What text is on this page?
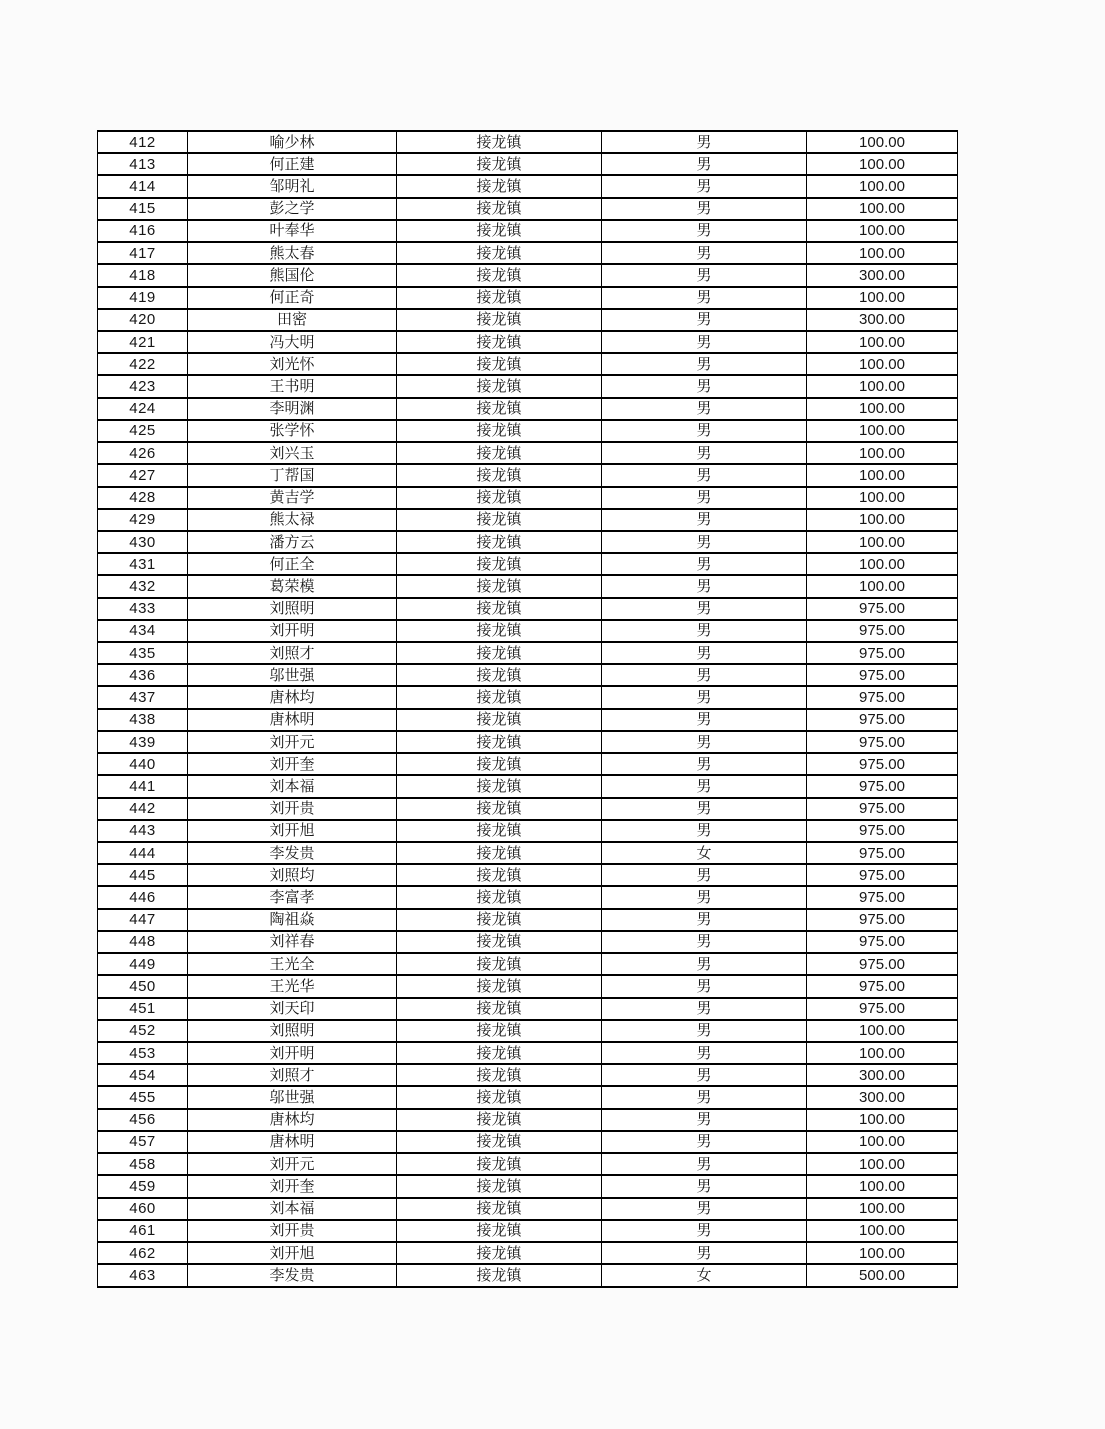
412	喻少林	接龙镇	男	100.00
413	何正建	接龙镇	男	100.00
414	邹明礼	接龙镇	男	100.00
415	彭之学	接龙镇	男	100.00
416	叶奉华	接龙镇	男	100.00
417	熊太春	接龙镇	男	100.00
418	熊国伦	接龙镇	男	300.00
419	何正奇	接龙镇	男	100.00
420	田密	接龙镇	男	300.00
421	冯大明	接龙镇	男	100.00
422	刘光怀	接龙镇	男	100.00
423	王书明	接龙镇	男	100.00
424	李明渊	接龙镇	男	100.00
425	张学怀	接龙镇	男	100.00
426	刘兴玉	接龙镇	男	100.00
427	丁帮国	接龙镇	男	100.00
428	黄吉学	接龙镇	男	100.00
429	熊太禄	接龙镇	男	100.00
430	潘方云	接龙镇	男	100.00
431	何正全	接龙镇	男	100.00
432	葛荣模	接龙镇	男	100.00
433	刘照明	接龙镇	男	975.00
434	刘开明	接龙镇	男	975.00
435	刘照才	接龙镇	男	975.00
436	邬世强	接龙镇	男	975.00
437	唐林均	接龙镇	男	975.00
438	唐林明	接龙镇	男	975.00
439	刘开元	接龙镇	男	975.00
440	刘开奎	接龙镇	男	975.00
441	刘本福	接龙镇	男	975.00
442	刘开贵	接龙镇	男	975.00
443	刘开旭	接龙镇	男	975.00
444	李发贵	接龙镇	女	975.00
445	刘照均	接龙镇	男	975.00
446	李富孝	接龙镇	男	975.00
447	陶祖焱	接龙镇	男	975.00
448	刘祥春	接龙镇	男	975.00
449	王光全	接龙镇	男	975.00
450	王光华	接龙镇	男	975.00
451	刘天印	接龙镇	男	975.00
452	刘照明	接龙镇	男	100.00
453	刘开明	接龙镇	男	100.00
454	刘照才	接龙镇	男	300.00
455	邬世强	接龙镇	男	300.00
456	唐林均	接龙镇	男	100.00
457	唐林明	接龙镇	男	100.00
458	刘开元	接龙镇	男	100.00
459	刘开奎	接龙镇	男	100.00
460	刘本福	接龙镇	男	100.00
461	刘开贵	接龙镇	男	100.00
462	刘开旭	接龙镇	男	100.00
463	李发贵	接龙镇	女	500.00
